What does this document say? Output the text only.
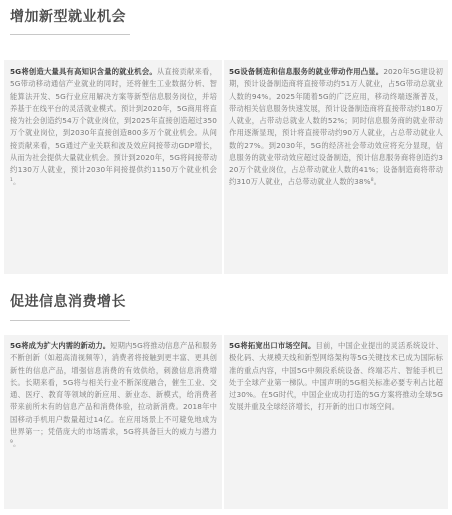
增加新型就业机会

5G将创造大量具有高知识含量的就业机会。从直接贡献来看，5G带动移动通信产业就业的同时，还将催生工业数据分析、智能算法开发、5G行业应用解决方案等新型信息服务岗位，并培养基于在线平台的灵活就业模式。预计到2020年，5G商用将直接为社会创造约54万个就业岗位，到2025年直接创造超过350万个就业岗位，到2030年直接创造800多万个就业机会。从间接贡献来看，5G通过产业关联和波及效应间接带动GDP增长，从而为社会提供大量就业机会。预计到2020年，5G将间接带动约130万人就业，预计2030年间接提供约1150万个就业机会$^1$。

5G设备制造和信息服务的就业带动作用凸显。2020年5G建设初期，预计设备制造商将直接带动约51万人就业，占5G带动总就业人数的94%。2025年随着5G的广泛应用，移动终端逐渐普及，带动相关信息服务快速发展，预计设备制造商将直接带动约180万人就业，占带动总就业人数的52%；同时信息服务商的就业带动作用逐渐显现，预计将直接带动约90万人就业，占总带动就业人数的27%。到2030年，5G的经济社会带动效应将充分显现，信息服务的就业带动效应超过设备制造，预计信息服务商将创造约320万个就业岗位，占总带动就业人数的41%；设备制造商将带动约310万人就业，占总带动就业人数的38%$^8$。

促进信息消费增长

5G将成为扩大内需的新动力。短期内5G将推动信息产品和服务不断创新（如超高清视频等），消费者将接触到更丰富、更具创新性的信息产品，增强信息消费的有效供给，刺激信息消费增长。长期来看，5G将与相关行业不断深度融合，催生工业、交通、医疗、教育等领域的新应用、新业态、新模式，给消费者带来前所未有的信息产品和消费体验，拉动新消费。2018年中国移动手机用户数量超过14亿。在应用场景上不可避免地成为世界第一；凭借庞大的市场需求，5G将具备巨大的威力与潜力$^9$。

5G将拓宽出口市场空间。目前，中国企业提出的灵活系统设计、极化码、大规模天线和新型网络架构等5G关键技术已成为国际标准的重点内容，中国5G中频段系统设备、终端芯片、智能手机已处于全球产业第一梯队。中国声明的5G相关标准必要专利占比超过30%。在5G时代，中国企业成功打造的5G方案将推动全球5G发展并重及全球经济增长，打开新的出口市场空间。
